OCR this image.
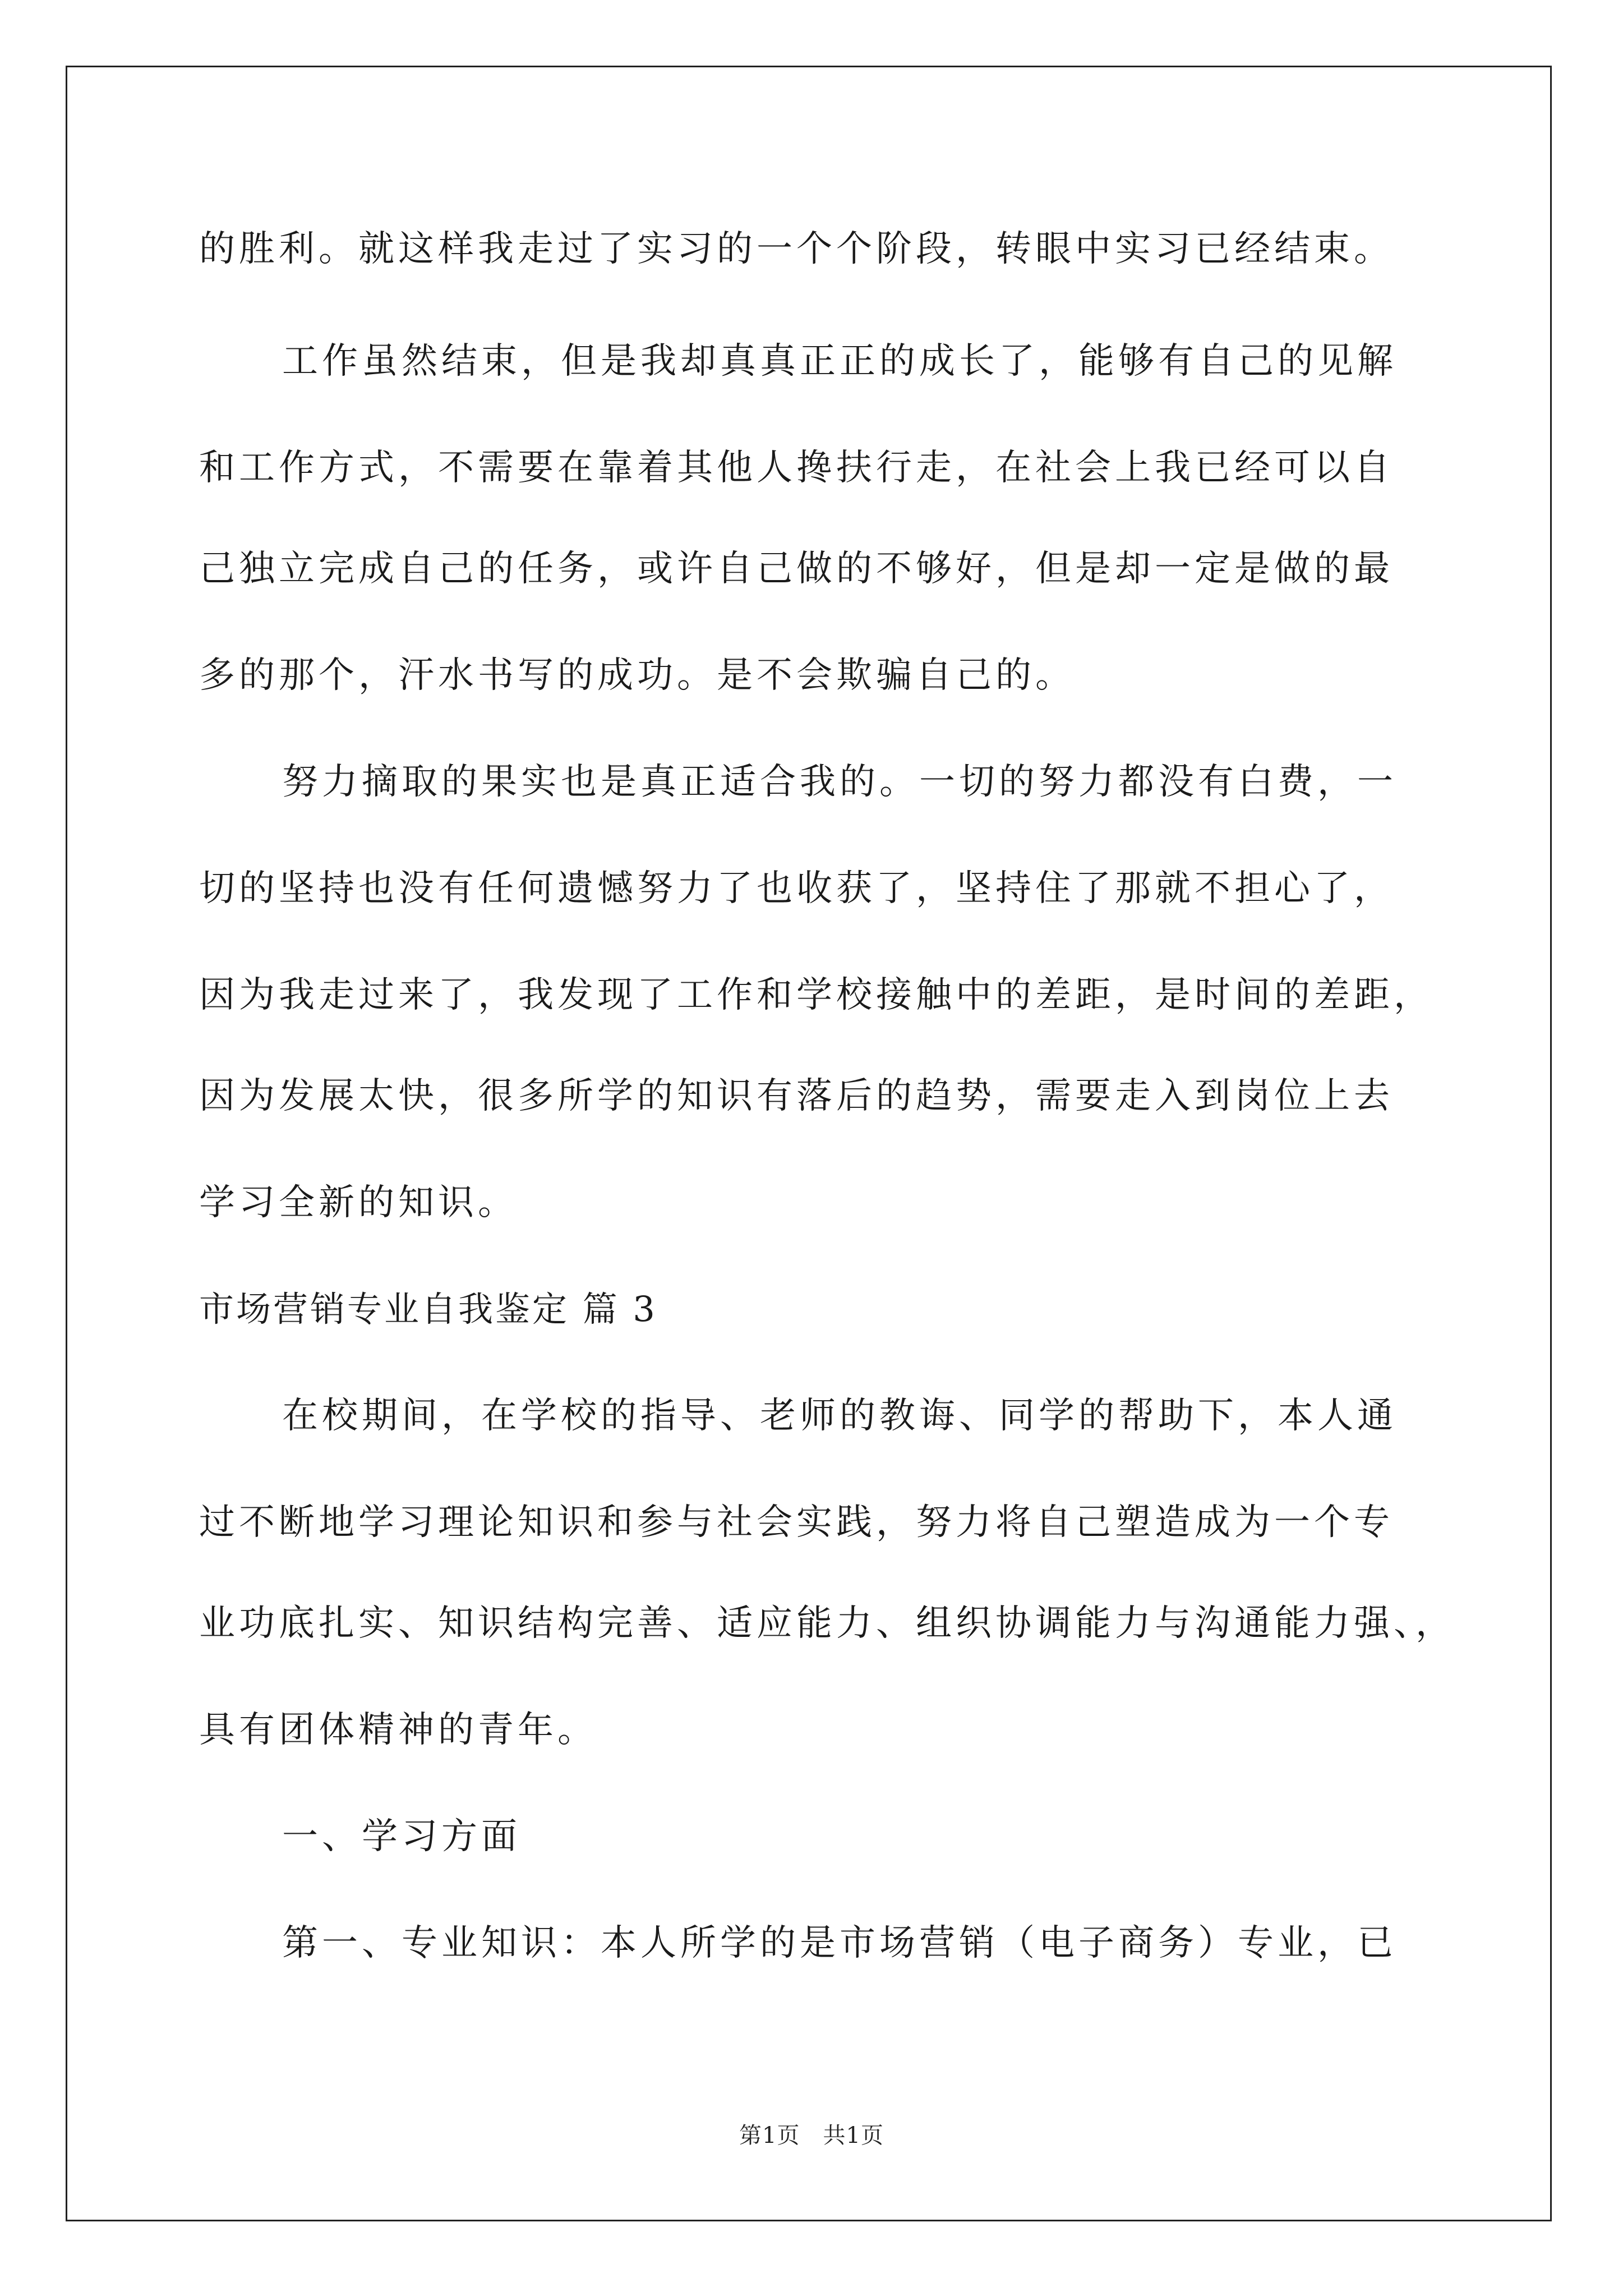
的胜利。就这样我走过了实习的一个个阶段，转眼中实习已经结束。
工作虽然结束，但是我却真真正正的成长了，能够有自己的见解
和工作方式，不需要在靠着其他人搀扶行走，在社会上我已经可以自
己独立完成自己的任务，或许自己做的不够好，但是却一定是做的最
多的那个，汗水书写的成功。是不会欺骗自己的。
努力摘取的果实也是真正适合我的。一切的努力都没有白费，一
切的坚持也没有任何遗憾努力了也收获了，坚持住了那就不担心了，
因为我走过来了，我发现了工作和学校接触中的差距，是时间的差距，
因为发展太快，很多所学的知识有落后的趋势，需要走入到岗位上去
学习全新的知识。
市场营销专业自我鉴定 篇 3
在校期间，在学校的指导、老师的教诲、同学的帮助下，本人通
过不断地学习理论知识和参与社会实践，努力将自己塑造成为一个专
业功底扎实、知识结构完善、适应能力、组织协调能力与沟通能力强、，
具有团体精神的青年。
一、学习方面
第一、专业知识：本人所学的是市场营销（电子商务）专业，已
第1页　共1页
